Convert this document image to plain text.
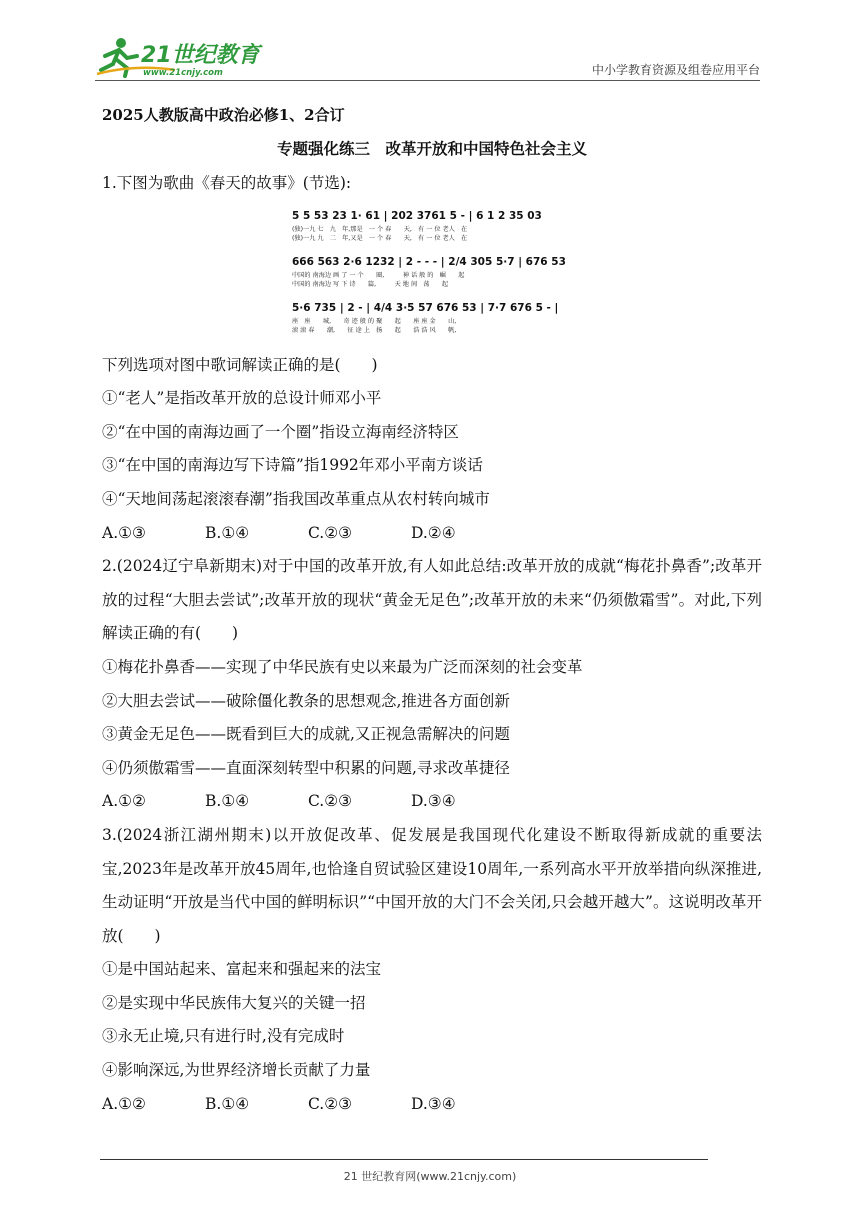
21世纪教育
www.21cnjy.com	中小学教育资源及组卷应用平台
2025人教版高中政治必修1、2合订
专题强化练三　改革开放和中国特色社会主义
1.下图为歌曲《春天的故事》(节选):
5 5 53 23 1· 61 | 202 3761 5 - | 6 1 2 35 03
(独)一九 七　九　年,那是　一 个 春　　天,　有 一 位 老人　在
(独)一九 九　二　年,又是　一 个 春　　天,　有 一 位 老人　在
666 563 2·6 1232 | 2 - - - | 2/4 305 5·7 | 676 53
中国的 南海边 画 了 一 个　　圈,　　　神 话 般 的　崛　　起
中国的 南海边 写 下 诗　　篇,　　　天 地 间　荡　　起
5·6 735 | 2 - | 4/4 3·5 57 676 53 | 7·7 676 5 - |
座　座　　城,　　奇 迹 般 的 聚　　起　　座 座 金　　山,
滚 滚 春　　潮,　　征 途 上　扬　　起　　浩 浩 风　　帆,
下列选项对图中歌词解读正确的是(　　)
①“老人”是指改革开放的总设计师邓小平
②“在中国的南海边画了一个圈”指设立海南经济特区
③“在中国的南海边写下诗篇”指1992年邓小平南方谈话
④“天地间荡起滚滚春潮”指我国改革重点从农村转向城市
A.①③	B.①④	C.②③	D.②④
2.(2024辽宁阜新期末)对于中国的改革开放,有人如此总结:改革开放的成就“梅花扑鼻香”;改革开放的过程“大胆去尝试”;改革开放的现状“黄金无足色”;改革开放的未来“仍须傲霜雪”。对此,下列解读正确的有(　　)
①梅花扑鼻香——实现了中华民族有史以来最为广泛而深刻的社会变革
②大胆去尝试——破除僵化教条的思想观念,推进各方面创新
③黄金无足色——既看到巨大的成就,又正视急需解决的问题
④仍须傲霜雪——直面深刻转型中积累的问题,寻求改革捷径
A.①②	B.①④	C.②③	D.③④
3.(2024浙江湖州期末)以开放促改革、促发展是我国现代化建设不断取得新成就的重要法宝,2023年是改革开放45周年,也恰逢自贸试验区建设10周年,一系列高水平开放举措向纵深推进,生动证明“开放是当代中国的鲜明标识”“中国开放的大门不会关闭,只会越开越大”。这说明改革开放(　　)
①是中国站起来、富起来和强起来的法宝
②是实现中华民族伟大复兴的关键一招
③永无止境,只有进行时,没有完成时
④影响深远,为世界经济增长贡献了力量
A.①②	B.①④	C.②③	D.③④
21 世纪教育网(www.21cnjy.com)
